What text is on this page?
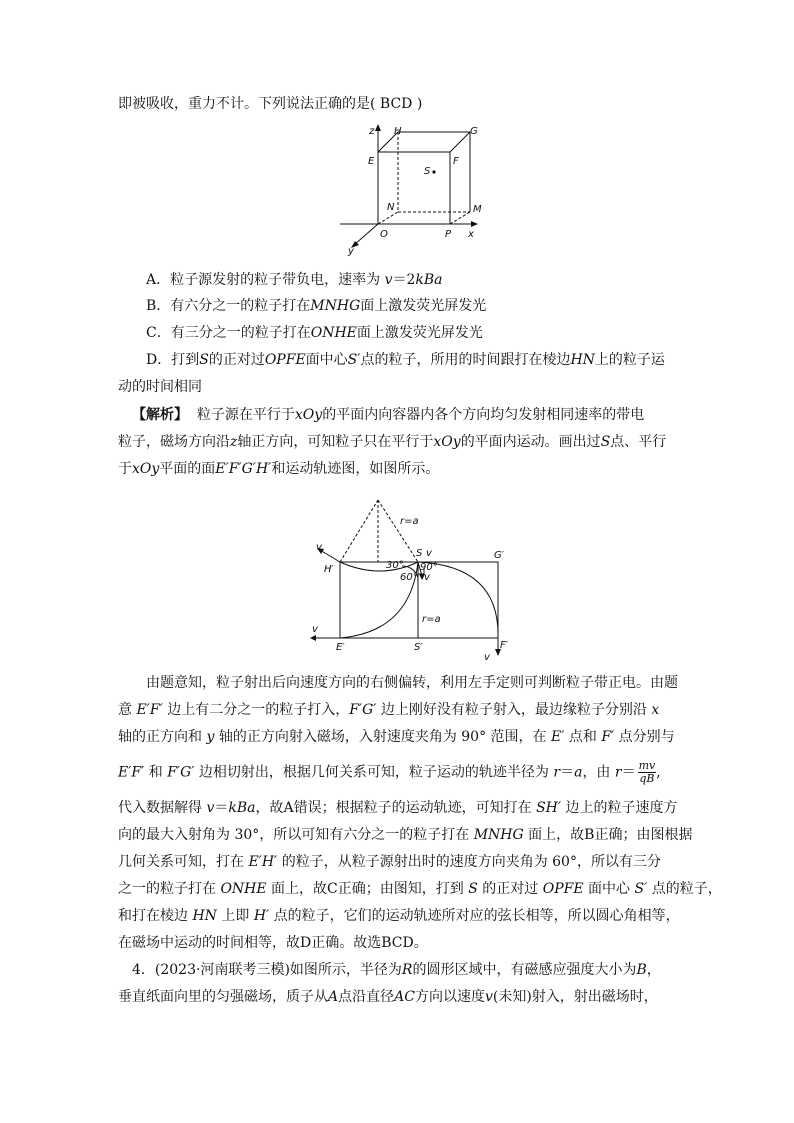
即被吸收，重力不计。下列说法正确的是( BCD )
z H	G
E	F
S
N	M
O	P x
y
A．粒子源发射的粒子带负电，速率为 v＝2kBa
B．有六分之一的粒子打在MNHG面上激发荧光屏发光
C．有三分之一的粒子打在ONHE面上激发荧光屏发光
D．打到S的正对过OPFE面中心S′点的粒子，所用的时间跟打在棱边HN上的粒子运
动的时间相同
【解析】 粒子源在平行于xOy的平面内向容器内各个方向均匀发射相同速率的带电
粒子，磁场方向沿z轴正方向，可知粒子只在平行于xOy的平面内运动。画出过S点、平行
于xOy平面的面E′F′G′H′和运动轨迹图，如图所示。
r=a
v
H′	30°
S v	G′
90°
60° v
r=a
v
E′	S′	F′
v
由题意知，粒子射出后向速度方向的右侧偏转，利用左手定则可判断粒子带正电。由题
意 E′F′ 边上有二分之一的粒子打入，F′G′ 边上刚好没有粒子射入，最边缘粒子分别沿 x
轴的正方向和 y 轴的正方向射入磁场，入射速度夹角为 90° 范围，在 E′ 点和 F′ 点分别与
E′F′ 和 F′G′ 边相切射出，根据几何关系可知，粒子运动的轨迹半径为 r＝a，由 $r= \frac{mv}{qB}$ ,
代入数据解得 v＝kBa，故A错误；根据粒子的运动轨迹，可知打在 SH′ 边上的粒子速度方
向的最大入射角为 30°，所以可知有六分之一的粒子打在 MNHG 面上，故B正确；由图根据
几何关系可知，打在 E′H′ 的粒子，从粒子源射出时的速度方向夹角为 60°，所以有三分
之一的粒子打在 ONHE 面上，故C正确；由图知，打到 S 的正对过 OPFE 面中心 S′ 点的粒子，
和打在棱边 HN 上即 H′ 点的粒子，它们的运动轨迹所对应的弦长相等，所以圆心角相等，
在磁场中运动的时间相等，故D正确。故选BCD。
4．(2023·河南联考三模)如图所示，半径为R的圆形区域中，有磁感应强度大小为B，
垂直纸面向里的匀强磁场，质子从A点沿直径AC方向以速度v(未知)射入，射出磁场时，
